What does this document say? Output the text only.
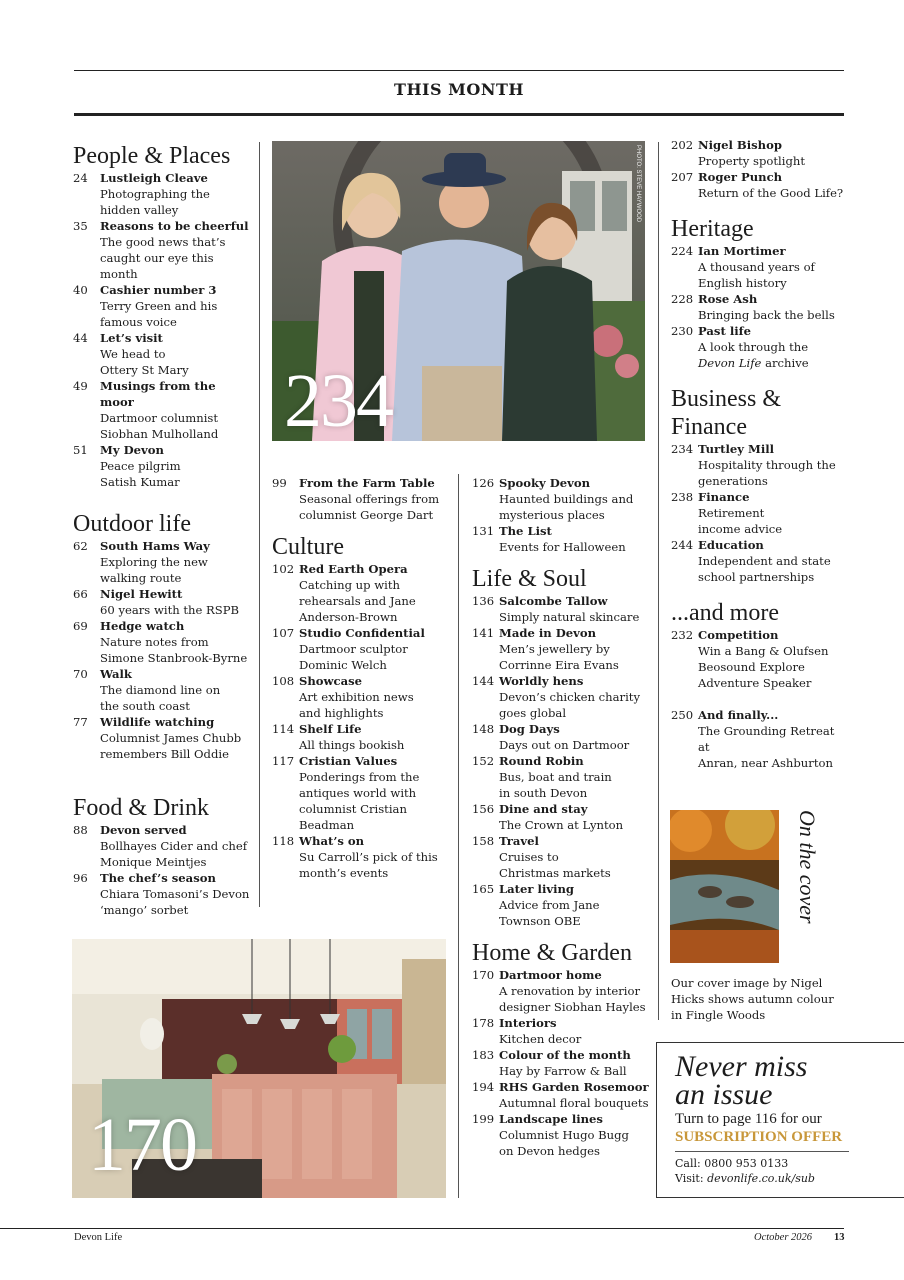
THIS MONTH
People & Places
24 Lustleigh Cleave
Photographing the
hidden valley
35 Reasons to be cheerful
The good news that’s
caught our eye this month
40 Cashier number 3
Terry Green and his
famous voice
44 Let’s visit
We head to
Ottery St Mary
49 Musings from the moor
Dartmoor columnist
Siobhan Mulholland
51 My Devon
Peace pilgrim
Satish Kumar
Outdoor life
62 South Hams Way
Exploring the new
walking route
66 Nigel Hewitt
60 years with the RSPB
69 Hedge watch
Nature notes from
Simone Stanbrook-Byrne
70 Walk
The diamond line on
the south coast
77 Wildlife watching
Columnist James Chubb
remembers Bill Oddie
Food & Drink
88 Devon served
Bollhayes Cider and chef
Monique Meintjes
96 The chef’s season
Chiara Tomasoni’s Devon
‘mango’ sorbet
99 From the Farm Table
Seasonal offerings from
columnist George Dart
Culture
102 Red Earth Opera
Catching up with
rehearsals and Jane
Anderson-Brown
107 Studio Confidential
Dartmoor sculptor
Dominic Welch
108 Showcase
Art exhibition news
and highlights
114 Shelf Life
All things bookish
117 Cristian Values
Ponderings from the
antiques world with
columnist Cristian
Beadman
118 What’s on
Su Carroll’s pick of this
month’s events
126 Spooky Devon
Haunted buildings and
mysterious places
131 The List
Events for Halloween
Life & Soul
136 Salcombe Tallow
Simply natural skincare
141 Made in Devon
Men’s jewellery by
Corrinne Eira Evans
144 Worldly hens
Devon’s chicken charity
goes global
148 Dog Days
Days out on Dartmoor
152 Round Robin
Bus, boat and train
in south Devon
156 Dine and stay
The Crown at Lynton
158 Travel
Cruises to
Christmas markets
165 Later living
Advice from Jane
Townson OBE
Home & Garden
170 Dartmoor home
A renovation by interior
designer Siobhan Hayles
178 Interiors
Kitchen decor
183 Colour of the month
Hay by Farrow & Ball
194 RHS Garden Rosemoor
Autumnal floral bouquets
199 Landscape lines
Columnist Hugo Bugg
on Devon hedges
202 Nigel Bishop
Property spotlight
207 Roger Punch
Return of the Good Life?
Heritage
224 Ian Mortimer
A thousand years of
English history
228 Rose Ash
Bringing back the bells
230 Past life
A look through the
Devon Life archive
Business & Finance
234 Turtley Mill
Hospitality through the
generations
238 Finance
Retirement
income advice
244 Education
Independent and state
school partnerships
...and more
232 Competition
Win a Bang & Olufsen
Beosound Explore
Adventure Speaker
250 And finally...
The Grounding Retreat at
Anran, near Ashburton
234
PHOTO: STEVE HAYWOOD
170
On the cover
Our cover image by Nigel
Hicks shows autumn colour
in Fingle Woods
Never miss
an issue
Turn to page 116 for our
SUBSCRIPTION OFFER
Call: 0800 953 0133
Visit: devonlife.co.uk/sub
Devon Life	October 2026 13
